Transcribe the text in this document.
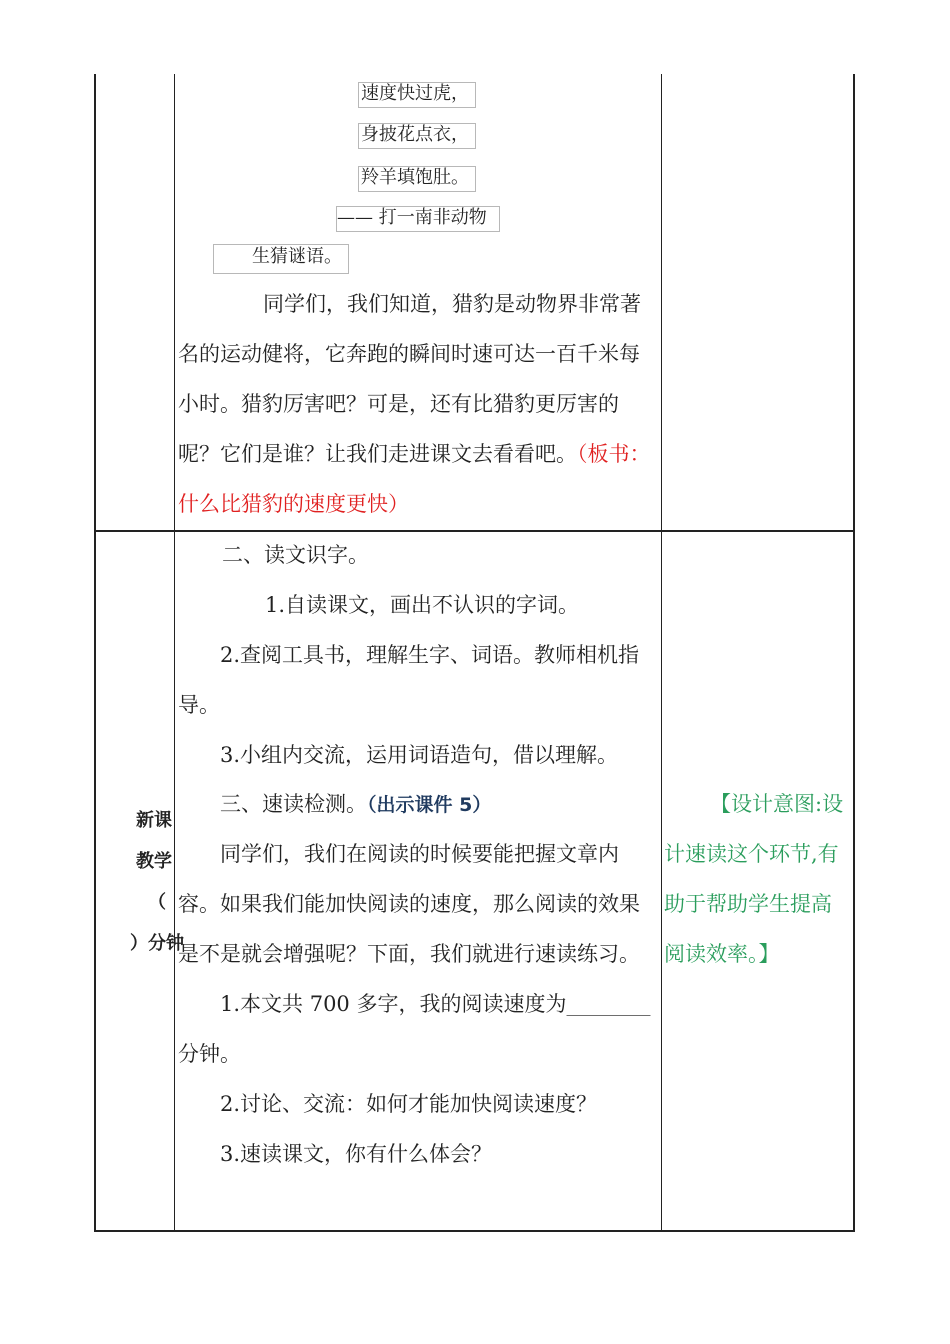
速度快过虎，
身披花点衣，
羚羊填饱肚。
—— 打一南非动物
生猜谜语。
同学们，我们知道，猎豹是动物界非常著
名的运动健将，它奔跑的瞬间时速可达一百千米每
小时。猎豹厉害吧？可是，还有比猎豹更厉害的
呢？它们是谁？让我们走进课文去看看吧。（板书：
什么比猎豹的速度更快）
新课
教学
（
）分钟
二、读文识字。
1.自读课文，画出不认识的字词。
2.查阅工具书，理解生字、词语。教师相机指
导。
3.小组内交流，运用词语造句，借以理解。
三、速读检测。（出示课件 5）
同学们，我们在阅读的时候要能把握文章内
容。如果我们能加快阅读的速度，那么阅读的效果
是不是就会增强呢？下面，我们就进行速读练习。
1.本文共 700 多字，我的阅读速度为________
分钟。
2.讨论、交流：如何才能加快阅读速度？
3.速读课文，你有什么体会？
【设计意图:设
计速读这个环节,有
助于帮助学生提高
阅读效率。】
